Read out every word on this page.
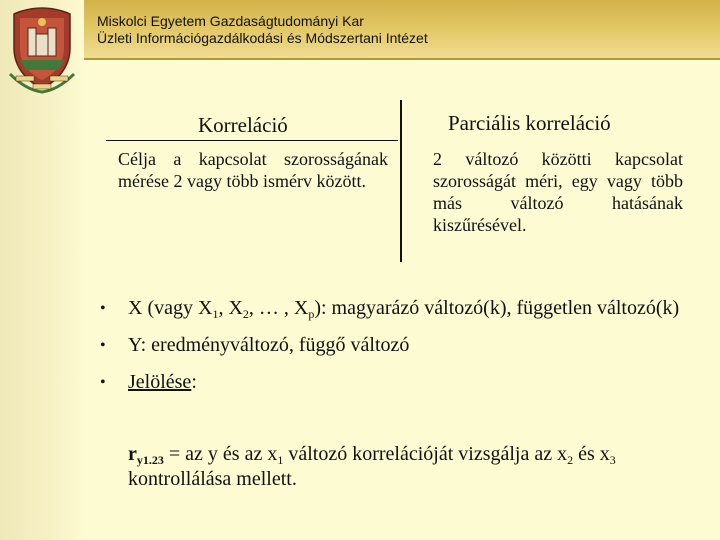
Miskolci Egyetem Gazdaságtudományi Kar
Üzleti Információgazdálkodási és Módszertani Intézet
Korreláció	Parciális korreláció
Célja a kapcsolat szorosságának mérése 2 vagy több ismérv között.
2 változó közötti kapcsolat szorosságát méri, egy vagy több más változó hatásának kiszűrésével.
• X (vagy $X_1$, $X_2$, … , $X_p$): magyarázó változó(k), független változó(k)
• Y: eredményváltozó, függő változó
• Jelölése:
$r_{y1.23}$ = az y és az $x_1$ változó korrelációját vizsgálja az $x_2$ és $x_3$ kontrollálása mellett.
